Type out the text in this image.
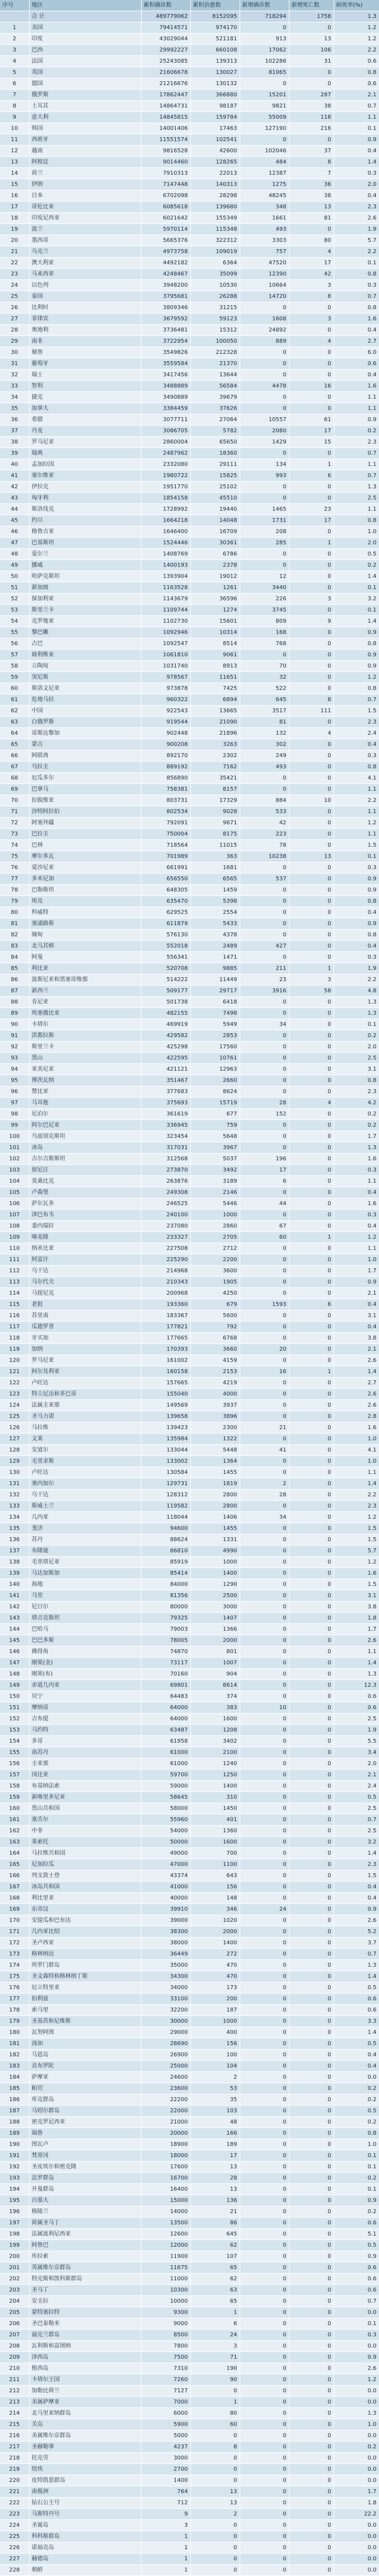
序号	地区	累积确诊数	累积治愈数	新增确诊数	新增死亡数	病死率(%)
	合 计	489779062	8152095	718294	1758	1.3
1	美国	79414571	974170	0	0	1.2
2	印度	43029044	521181	913	13	1.2
3	巴西	29992227	660108	17062	106	2.2
4	法国	25243085	139313	102286	31	0.6
5	英国	21606678	130027	81065	0	0.8
6	德国	21216676	130132	0	0	0.6
7	俄罗斯	17862447	366880	15201	287	2.1
8	土耳其	14864731	98187	9821	38	0.7
9	意大利	14845815	159784	55009	118	1.1
10	韩国	14001406	17463	127190	216	0.1
11	西班牙	11551574	102541	0	0	0.9
12	越南	9816528	42600	102046	37	0.4
13	阿根廷	9014460	128265	484	8	1.4
14	荷兰	7910313	22013	12387	7	0.3
15	伊朗	7147448	140313	1275	36	2.0
16	日本	6702098	28298	48245	38	0.4
17	哥伦比亚	6085618	139680	348	13	2.3
18	印度尼西亚	6021642	155349	1661	81	2.6
19	波兰	5970114	115348	493	0	1.9
20	墨西哥	5665376	322312	3303	80	5.7
21	乌克兰	4973758	109019	757	4	2.2
22	澳大利亚	4492182	6364	47520	17	0.1
23	马来西亚	4248467	35099	12390	42	0.8
24	以色列	3948200	10530	10664	3	0.3
25	泰国	3795681	26288	14720	8	0.7
26	比利时	3809346	31215	0	0	0.8
27	菲律宾	3679592	59123	1608	3	1.6
28	奥地利	3736481	15312	24892	0	0.4
29	南非	3722954	100050	889	4	2.7
30	秘鲁	3549826	212328	0	0	6.0
31	葡萄牙	3559584	21370	0	0	0.6
32	瑞士	3417456	13644	0	0	0.4
33	智利	3488889	56584	4478	16	1.6
34	捷克	3490889	39679	0	0	1.1
35	加拿大	3384459	37626	0	0	1.1
36	希腊	3077711	27064	10557	61	0.9
37	丹麦	3086705	5782	2080	17	0.2
38	罗马尼亚	2860004	65650	1429	15	2.3
39	瑞典	2487962	18360	0	0	0.7
40	孟加拉国	2332080	29111	134	1	1.1
41	塞尔维亚	1980722	15825	993	6	0.7
42	伊拉克	1951770	25102	0	0	1.3
43	匈牙利	1854158	45510	0	0	2.5
44	斯洛伐克	1728992	19440	1465	23	1.1
45	约旦	1664218	14048	1731	17	0.8
46	格鲁吉亚	1646400	16709	208	0	1.0
47	巴基斯坦	1524446	30361	285	1	2.0
48	爱尔兰	1408769	6786	0	0	0.5
49	挪威	1400193	2378	0	0	0.2
50	哈萨克斯坦	1393904	19012	12	0	1.4
51	新加坡	1163528	1261	3440	0	0.1
52	保加利亚	1143679	36596	226	3	3.2
53	斯里兰卡	1109744	1274	3745	0	0.1
54	克罗地亚	1102730	15601	809	9	1.4
55	黎巴嫩	1092946	10314	168	0	0.9
56	古巴	1092547	8514	768	0	0.8
57	玻利维亚	1061810	9061	0	0	0.9
58	立陶宛	1031740	8913	70	0	0.9
59	突尼斯	978567	11651	32	0	1.2
60	斯洛文尼亚	973878	7425	522	0	0.8
61	危地马拉	960322	6894	645	8	0.7
62	中国	922543	13665	3517	111	1.5
63	白俄罗斯	919544	21090	81	0	2.3
64	哥斯达黎加	902448	21896	132	4	2.4
65	蒙古	900208	3263	302	0	0.4
66	阿联酋	892170	2302	249	0	0.3
67	乌拉圭	889192	7162	493	0	0.8
68	厄瓜多尔	856890	35421	0	0	4.1
69	巴拿马	758381	8157	0	0	1.1
70	拉脱维亚	803731	17329	884	10	2.2
71	沙特阿拉伯	802534	9028	533	0	1.1
72	阿塞拜疆	792091	9671	42	0	1.2
73	巴拉圭	750004	8175	223	0	1.1
74	巴林	718564	11015	78	0	1.5
75	摩尔多瓦	701989	363	10238	13	0.1
76	爱沙尼亚	661991	1681	0	0	0.3
77	多米尼加	656550	6565	537	0	0.9
78	巴勒斯坦	648305	1459	0	0	0.9
79	埃及	635470	5398	0	0	0.8
80	科威特	629525	2554	0	0	0.4
81	塞浦路斯	611879	5433	0	0	0.9
82	缅甸	576130	4378	0	0	0.8
83	北马其顿	552018	2489	427	0	0.4
84	阿曼	556341	1471	0	0	0.3
85	利比亚	520708	9885	211	1	1.9
86	波斯尼亚和黑塞哥维那	514222	11449	23	3	2.2
87	新西兰	509177	29717	3916	58	4.8
88	肯尼亚	501738	6418	0	0	1.3
89	埃塞俄比亚	482155	7498	0	0	1.3
90	卡塔尔	469919	5949	34	0	0.1
91	洪都拉斯	429582	2853	0	0	0.2
92	斯里兰卡	425298	17560	0	0	2.0
93	黑山	422595	10761	0	0	2.5
94	亚美尼亚	421121	12963	0	0	3.1
95	博茨瓦纳	351467	2660	0	0	0.8
96	赞比亚	377683	8624	0	0	2.3
97	马耳他	375693	15719	28	4	4.2
98	尼泊尔	361619	677	152	0	0.2
99	阿尔巴尼亚	336945	759	0	0	0.2
100	乌兹别克斯坦	323454	5648	0	0	1.7
101	冰岛	317031	3967	0	0	1.3
102	吉尔吉斯斯坦	312568	5037	196	0	1.6
103	留尼汪	273870	3492	17	0	0.3
104	莫桑比克	263876	3189	6	0	1.1
105	卢森堡	249308	2146	0	0	0.4
106	萨尔瓦多	246525	5446	44	0	1.6
107	津巴布韦	240100	1000	0	0	0.3
108	委内瑞拉	237080	2860	67	0	0.4
109	喀麦隆	233327	2705	60	1	1.2
110	纳米比亚	227508	2712	0	0	1.1
111	阿富汗	225290	2200	0	0	1.0
112	乌干达	214968	3600	0	0	1.7
113	马尔代夫	210343	1905	0	0	0.9
114	马提尼克	200968	4250	0	0	2.1
115	老挝	193360	679	1593	6	0.4
116	苏里南	183367	5600	0	0	3.1
117	瓜德罗普	177821	792	0	0	0.4
118	牙买加	177665	6768	0	0	3.8
119	加纳	170393	3660	20	0	2.1
120	罗马尼亚	161002	4159	0	0	2.6
121	阿尔及利亚	160158	2153	16	1	1.4
122	卢旺达	157665	4219	0	0	2.7
123	特立尼达和多巴哥	155040	4000	0	0	2.6
124	法属圭亚那	149569	3937	0	0	2.6
125	圣马力诺	139658	3896	0	0	2.8
126	马拉维	139423	2300	21	0	1.6
127	文莱	135984	1322	0	0	1.0
128	安道尔	133044	5448	41	0	4.1
129	毛里求斯	133002	1364	0	0	1.0
130	卢旺达	130584	1455	0	0	1.1
131	塞内加尔	129731	1819	2	0	1.4
132	乌干达	128312	2800	28	0	2.2
133	斯威士兰	119582	2800	0	0	2.3
134	几内亚	118044	1406	34	0	1.2
135	斐济	94600	1455	0	0	1.5
136	苏丹	88624	1331	0	0	1.5
137	布隆迪	86810	4990	0	0	5.7
138	毛里塔尼亚	85919	1000	0	0	1.2
139	马达加斯加	85414	1400	0	0	1.6
140	海地	84000	1290	0	0	1.5
141	马里	81356	2500	0	0	3.1
142	尼日尔	80000	3000	0	0	3.8
143	塔吉克斯坦	79325	1407	0	0	1.8
144	巴哈马	79003	1366	0	0	1.7
145	巴巴多斯	78005	2000	0	0	2.6
146	佛得角	74870	801	0	0	1.1
147	刚果(金)	73117	1007	0	0	1.4
148	刚果(布)	70160	904	0	0	1.3
149	赤道几内亚	69801	8614	0	0	12.3
150	贝宁	64483	374	0	0	0.6
151	摩纳哥	64000	383	10	0	0.6
152	吉布提	64000	1600	0	0	2.5
153	马约特	63487	1208	0	0	1.9
154	多哥	61958	3402	0	0	5.5
155	南苏丹	61000	2100	0	0	3.4
156	圭亚那	61000	1240	0	0	2.0
157	冈比亚	59700	1250	0	0	2.1
158	布基纳法索	59000	1400	0	0	2.4
159	新喀里多尼亚	58645	310	0	0	0.5
160	黑山共和国	58000	1450	0	0	2.5
161	塞舌尔	55960	401	0	0	0.7
162	中非	54000	1360	0	0	2.5
163	莱索托	50000	1600	0	0	3.2
164	马拉维共和国	49000	700	0	0	1.4
165	尼加拉瓜	47000	1100	0	0	2.3
166	列支敦士登	43374	643	0	0	1.5
167	冰岛共和国	41000	156	0	0	0.4
168	利比里亚	40000	148	0	0	0.4
169	东帝汶	39910	346	24	0	0.9
170	安提瓜和巴布达	39000	1020	0	0	2.6
171	几内亚比绍	38300	2000	0	0	5.2
172	圣卢西亚	38000	1400	0	0	3.7
173	格林纳达	36449	272	0	0	0.7
174	所罗门群岛	35000	470	0	0	1.3
175	圣文森特和格林纳丁斯	34300	470	0	0	1.4
176	厄立特里亚	34000	173	0	0	0.5
177	伯利兹	33100	200	0	0	0.6
178	索马里	32200	187	0	0	0.6
179	圣基茨和尼维斯	30000	1000	0	0	3.3
180	瓦努阿图	29000	400	0	0	1.4
181	汤加	28690	156	0	0	0.5
182	马恩岛	26900	100	0	0	0.4
183	直布罗陀	25000	104	0	0	0.4
184	萨摩亚	24600	2	0	0	0.0
185	帕劳	23600	53	0	0	0.2
186	库克群岛	22200	35	0	0	0.2
187	马绍尔群岛	22000	103	0	0	0.5
188	密克罗尼西亚	21000	48	0	0	0.2
189	瑙鲁	20000	166	0	0	0.8
190	图瓦卢	18900	189	0	0	1.0
191	梵蒂冈	18000	17	0	0	0.1
192	圣皮埃尔和密克隆	17600	13	0	0	0.1
193	法罗群岛	16700	28	0	0	0.2
194	开曼群岛	16400	13	0	0	0.1
195	百慕大	15000	136	0	0	0.9
196	格陵兰	14000	21	0	0	0.2
197	荷属圣马丁	13500	86	0	0	0.6
198	法属波利尼西亚	12600	645	0	0	5.1
199	阿鲁巴	12000	62	0	0	0.5
200	库拉索	11900	107	0	0	0.9
201	英属维尔京群岛	11675	65	0	0	0.6
202	特克斯和凯科斯群岛	11000	62	0	0	0.6
203	圣马丁	10300	63	0	0	0.6
204	安圭拉	10000	65	0	0	0.7
205	蒙特塞拉特	9300	1	0	0	0.0
206	圣巴泰勒米	9000	6	0	0	0.1
207	福克兰群岛	8500	24	0	0	0.3
208	瓦利斯和富图纳	7800	3	0	0	0.0
209	泽西岛	7500	71	0	0	0.9
210	根西岛	7310	190	0	0	2.6
211	卡塔尔王国	7260	90	0	0	1.2
212	加勒比荷兰	7127	0	0	0	0.0
213	美属萨摩亚	7000	1	0	0	0.0
214	北马里亚纳群岛	6000	80	0	0	1.3
215	关岛	5900	60	0	0	1.0
216	美属维尔京群岛	5000	0	0	0	0.0
217	圣赫勒拿	4237	8	0	0	0.2
218	托克劳	3000	0	0	0	0.0
219	纽埃	2700	0	0	0	0.0
220	皮特凯恩群岛	1400	0	0	0	0.0
221	南极洲	764	13	0	0	1.7
222	钻石公主号	712	13	0	0	1.8
223	马斯特丹号	9	2	0	0	22.2
224	圣诞岛	3	0	0	0	0.0
225	科科斯群岛	1	0	0	0	0.0
226	诺福克岛	1	0	0	0	0.0
227	赫德岛	1	0	0	0	0.0
228	朝鲜	1	0	0	0	0.0
